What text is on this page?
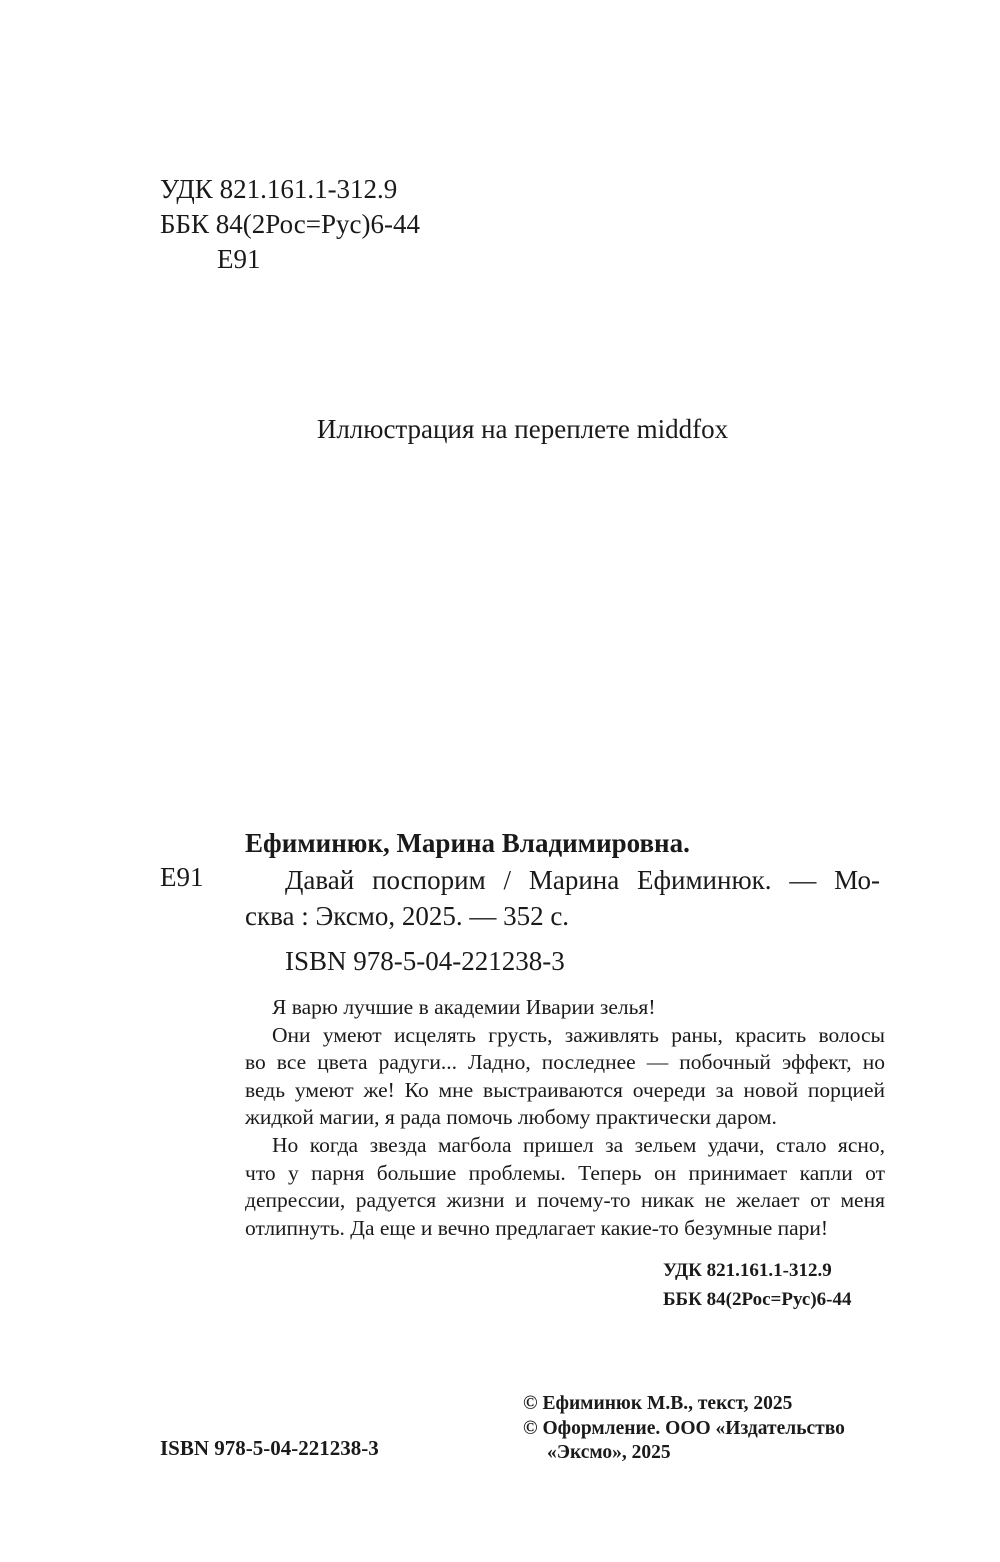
УДК 821.161.1-312.9
ББК 84(2Рос=Рус)6-44
Е91
Иллюстрация на переплете middfox
Ефиминюк, Марина Владимировна.
Е91	Давай поспорим / Марина Ефиминюк. — Мо-
сква : Эксмо, 2025. — 352 с.
ISBN 978-5-04-221238-3

Я варю лучшие в академии Иварии зелья!

Они умеют исцелять грусть, заживлять раны, красить волосы
во все цвета радуги... Ладно, последнее — побочный эффект, но
ведь умеют же! Ко мне выстраиваются очереди за новой порцией
жидкой магии, я рада помочь любому практически даром.

Но когда звезда магбола пришел за зельем удачи, стало ясно,
что у парня большие проблемы. Теперь он принимает капли от
депрессии, радуется жизни и почему-то никак не желает от меня
отлипнуть. Да еще и вечно предлагает какие-то безумные пари!

УДК 821.161.1-312.9
ББК 84(2Рос=Рус)6-44
© Ефиминюк М.В., текст, 2025
© Оформление. ООО «Издательство
«Эксмо», 2025
ISBN 978-5-04-221238-3
